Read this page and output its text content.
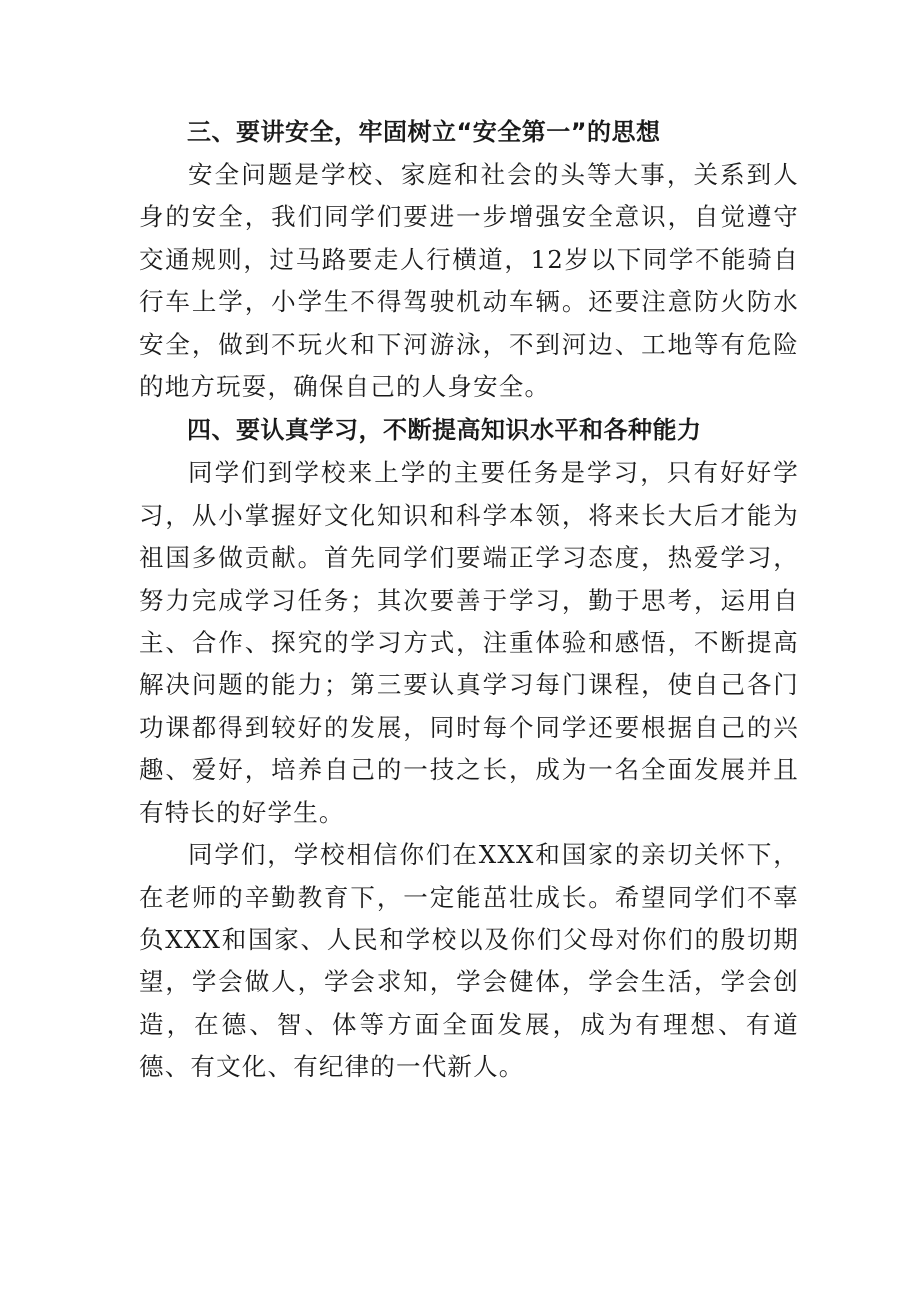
三、要讲安全，牢固树立“安全第一”的思想

安全问题是学校、家庭和社会的头等大事，关系到人身的安全，我们同学们要进一步增强安全意识，自觉遵守交通规则，过马路要走人行横道，12岁以下同学不能骑自行车上学，小学生不得驾驶机动车辆。还要注意防火防水安全，做到不玩火和下河游泳，不到河边、工地等有危险的地方玩耍，确保自己的人身安全。

四、要认真学习，不断提高知识水平和各种能力

同学们到学校来上学的主要任务是学习，只有好好学习，从小掌握好文化知识和科学本领，将来长大后才能为祖国多做贡献。首先同学们要端正学习态度，热爱学习，努力完成学习任务；其次要善于学习，勤于思考，运用自主、合作、探究的学习方式，注重体验和感悟，不断提高解决问题的能力；第三要认真学习每门课程，使自己各门功课都得到较好的发展，同时每个同学还要根据自己的兴趣、爱好，培养自己的一技之长，成为一名全面发展并且有特长的好学生。

同学们，学校相信你们在XXX和国家的亲切关怀下，在老师的辛勤教育下，一定能茁壮成长。希望同学们不辜负XXX和国家、人民和学校以及你们父母对你们的殷切期望，学会做人，学会求知，学会健体，学会生活，学会创造，在德、智、体等方面全面发展，成为有理想、有道德、有文化、有纪律的一代新人。
